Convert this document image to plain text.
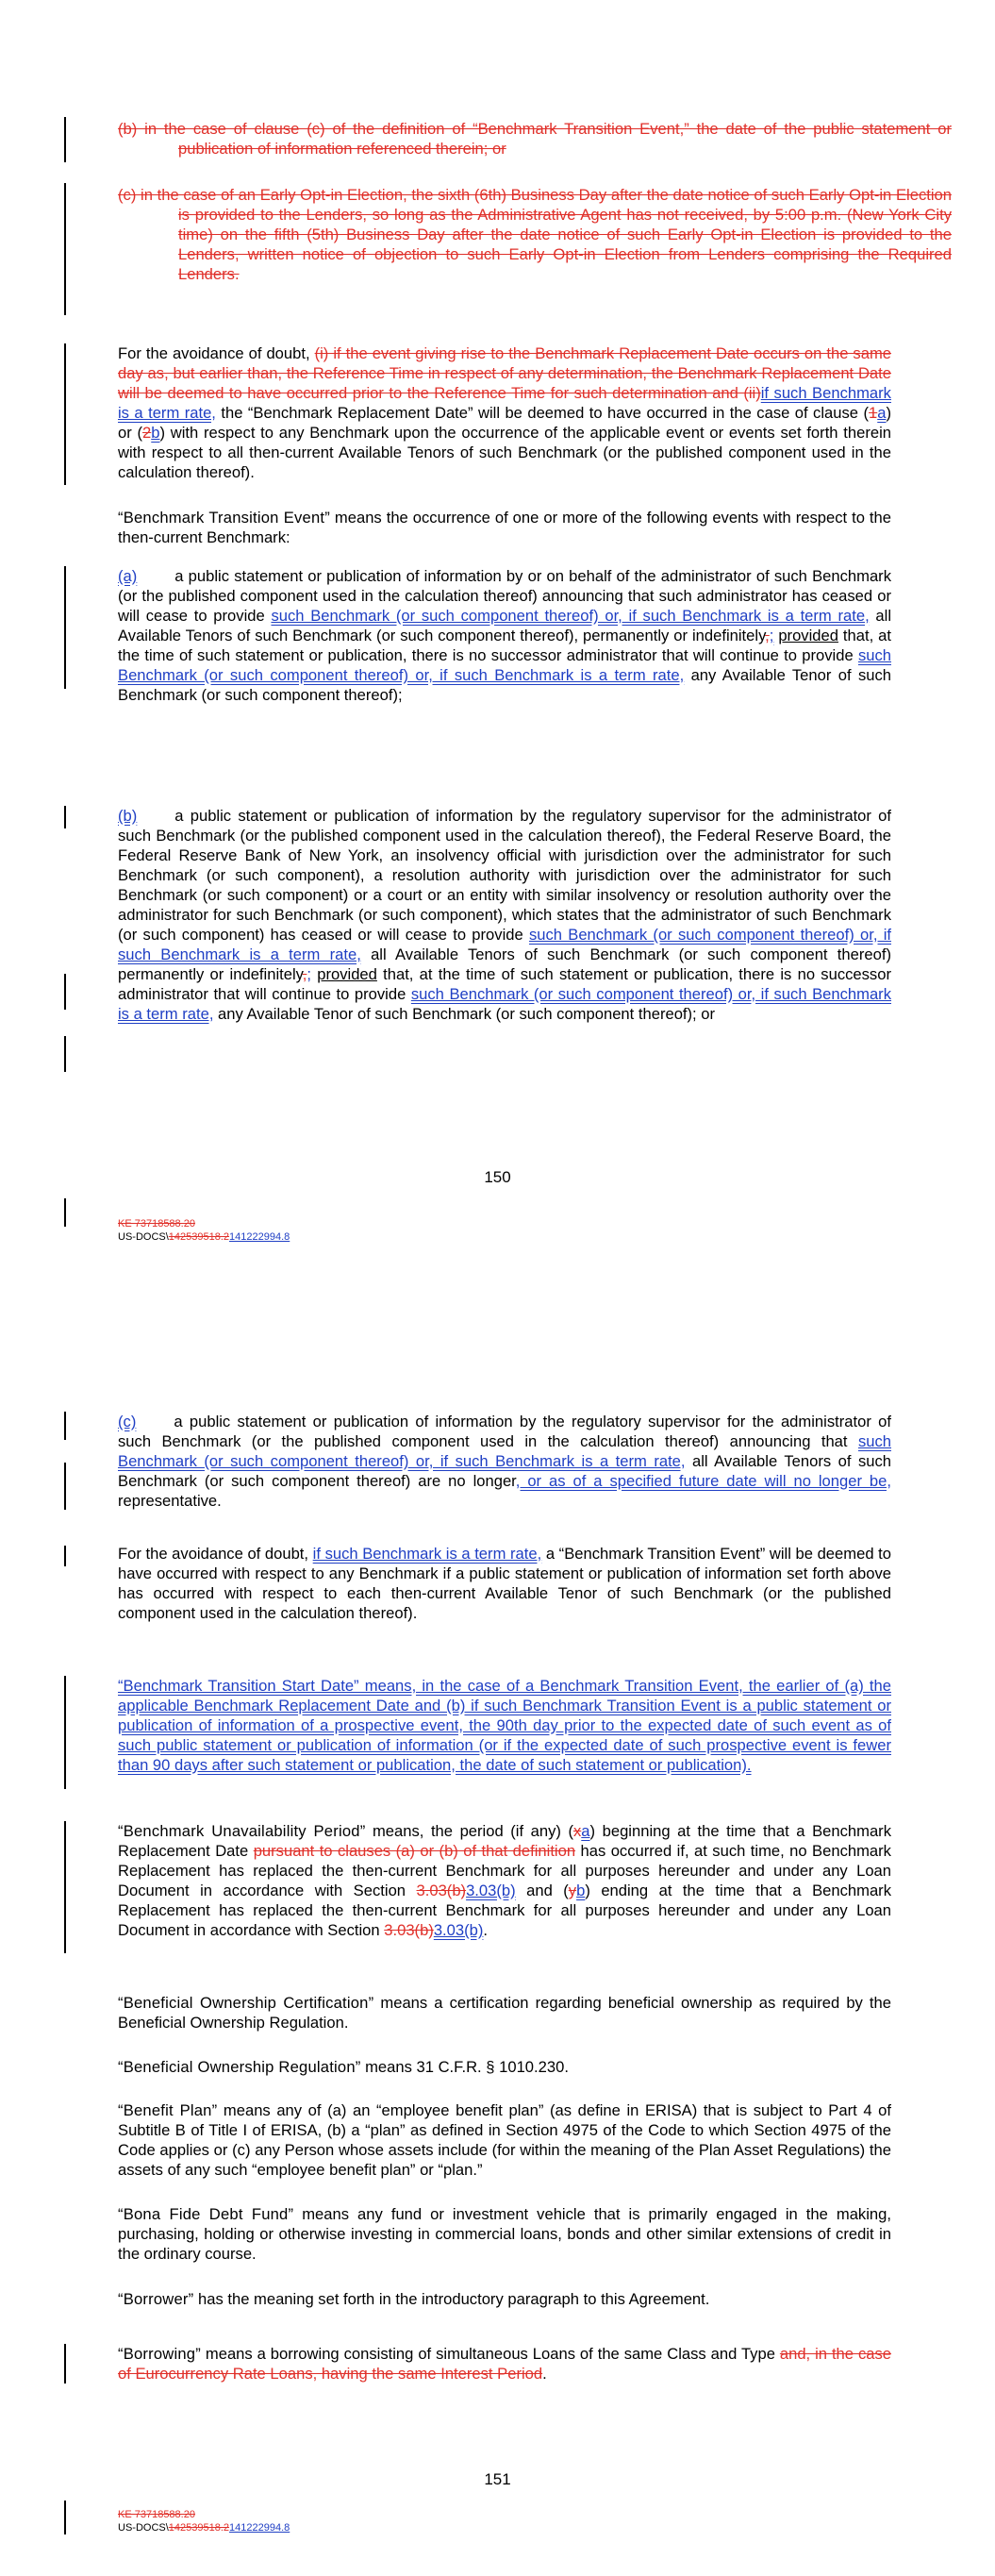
(b) in the case of clause (c) of the definition of “Benchmark Transition Event,” the date of the public statement or publication of information referenced therein; or
(c) in the case of an Early Opt-in Election, the sixth (6th) Business Day after the date notice of such Early Opt-in Election is provided to the Lenders, so long as the Administrative Agent has not received, by 5:00 p.m. (New York City time) on the fifth (5th) Business Day after the date notice of such Early Opt-in Election is provided to the Lenders, written notice of objection to such Early Opt-in Election from Lenders comprising the Required Lenders.
For the avoidance of doubt, (i) if the event giving rise to the Benchmark Replacement Date occurs on the same day as, but earlier than, the Reference Time in respect of any determination, the Benchmark Replacement Date will be deemed to have occurred prior to the Reference Time for such determination and (ii)if such Benchmark is a term rate, the “Benchmark Replacement Date” will be deemed to have occurred in the case of clause (1a) or (2b) with respect to any Benchmark upon the occurrence of the applicable event or events set forth therein with respect to all then-current Available Tenors of such Benchmark (or the published component used in the calculation thereof).
“Benchmark Transition Event” means the occurrence of one or more of the following events with respect to the then-current Benchmark:
(a) a public statement or publication of information by or on behalf of the administrator of such Benchmark (or the published component used in the calculation thereof) announcing that such administrator has ceased or will cease to provide such Benchmark (or such component thereof) or, if such Benchmark is a term rate, all Available Tenors of such Benchmark (or such component thereof), permanently or indefinitely,; provided that, at the time of such statement or publication, there is no successor administrator that will continue to provide such Benchmark (or such component thereof) or, if such Benchmark is a term rate, any Available Tenor of such Benchmark (or such component thereof);
(b) a public statement or publication of information by the regulatory supervisor for the administrator of such Benchmark (or the published component used in the calculation thereof), the Federal Reserve Board, the Federal Reserve Bank of New York, an insolvency official with jurisdiction over the administrator for such Benchmark (or such component), a resolution authority with jurisdiction over the administrator for such Benchmark (or such component) or a court or an entity with similar insolvency or resolution authority over the administrator for such Benchmark (or such component), which states that the administrator of such Benchmark (or such component) has ceased or will cease to provide such Benchmark (or such component thereof) or, if such Benchmark is a term rate, all Available Tenors of such Benchmark (or such component thereof) permanently or indefinitely,; provided that, at the time of such statement or publication, there is no successor administrator that will continue to provide such Benchmark (or such component thereof) or, if such Benchmark is a term rate, any Available Tenor of such Benchmark (or such component thereof); or
150
KE 73718588.20
US-DOCS\142539518.2141222994.8
(c) a public statement or publication of information by the regulatory supervisor for the administrator of such Benchmark (or the published component used in the calculation thereof) announcing that such Benchmark (or such component thereof) or, if such Benchmark is a term rate, all Available Tenors of such Benchmark (or such component thereof) are no longer, or as of a specified future date will no longer be, representative.
For the avoidance of doubt, if such Benchmark is a term rate, a “Benchmark Transition Event” will be deemed to have occurred with respect to any Benchmark if a public statement or publication of information set forth above has occurred with respect to each then-current Available Tenor of such Benchmark (or the published component used in the calculation thereof).
“Benchmark Transition Start Date” means, in the case of a Benchmark Transition Event, the earlier of (a) the applicable Benchmark Replacement Date and (b) if such Benchmark Transition Event is a public statement or publication of information of a prospective event, the 90th day prior to the expected date of such event as of such public statement or publication of information (or if the expected date of such prospective event is fewer than 90 days after such statement or publication, the date of such statement or publication).
“Benchmark Unavailability Period” means, the period (if any) (xa) beginning at the time that a Benchmark Replacement Date pursuant to clauses (a) or (b) of that definition has occurred if, at such time, no Benchmark Replacement has replaced the then-current Benchmark for all purposes hereunder and under any Loan Document in accordance with Section 3.03(b)3.03(b) and (yb) ending at the time that a Benchmark Replacement has replaced the then-current Benchmark for all purposes hereunder and under any Loan Document in accordance with Section 3.03(b)3.03(b).
“Beneficial Ownership Certification” means a certification regarding beneficial ownership as required by the Beneficial Ownership Regulation.
“Beneficial Ownership Regulation” means 31 C.F.R. § 1010.230.
“Benefit Plan” means any of (a) an “employee benefit plan” (as define in ERISA) that is subject to Part 4 of Subtitle B of Title I of ERISA, (b) a “plan” as defined in Section 4975 of the Code to which Section 4975 of the Code applies or (c) any Person whose assets include (for within the meaning of the Plan Asset Regulations) the assets of any such “employee benefit plan” or “plan.”
“Bona Fide Debt Fund” means any fund or investment vehicle that is primarily engaged in the making, purchasing, holding or otherwise investing in commercial loans, bonds and other similar extensions of credit in the ordinary course.
“Borrower” has the meaning set forth in the introductory paragraph to this Agreement.
“Borrowing” means a borrowing consisting of simultaneous Loans of the same Class and Type and, in the case of Eurocurrency Rate Loans, having the same Interest Period.
151
KE 73718588.20
US-DOCS\142539518.2141222994.8
